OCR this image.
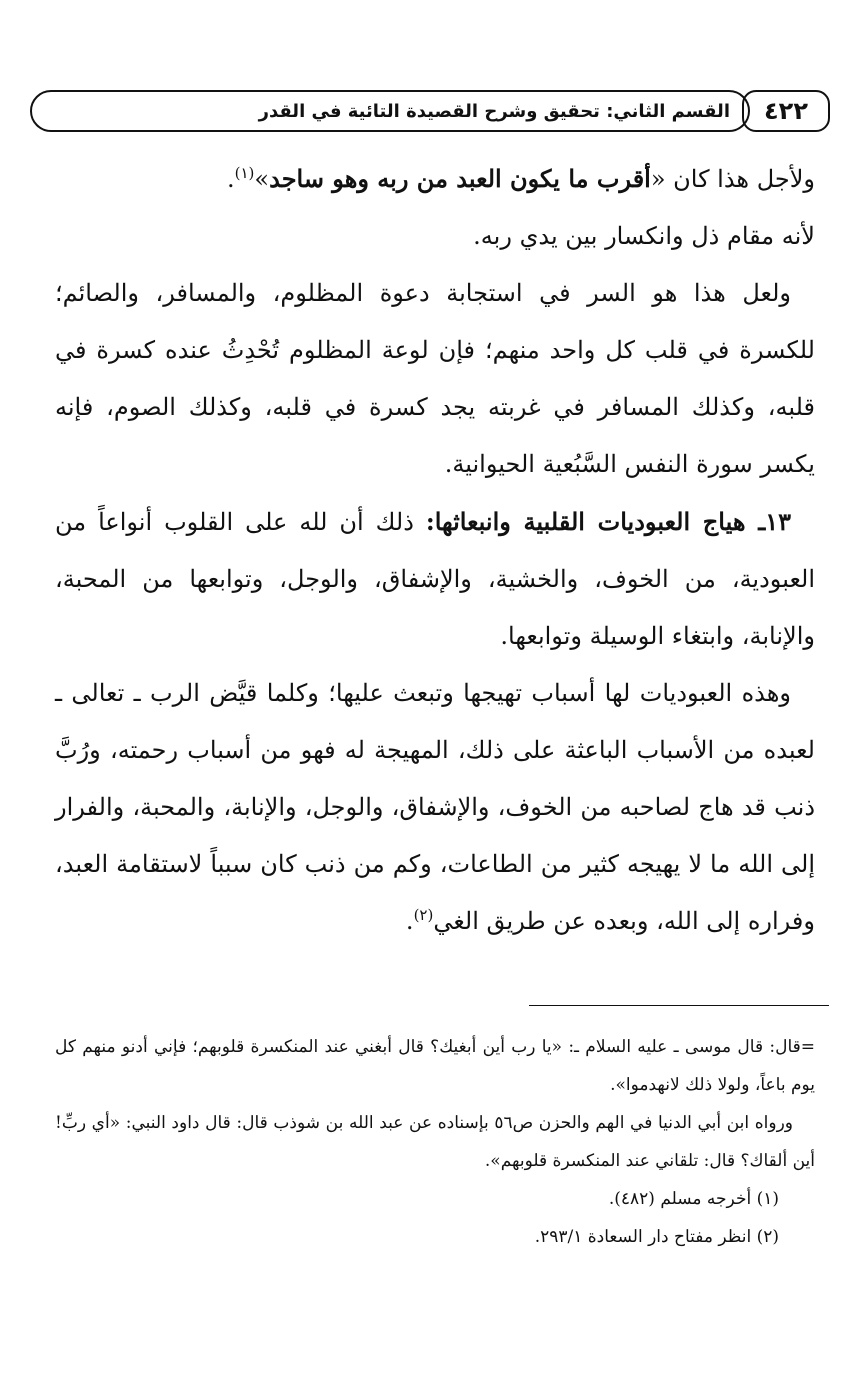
٤٢٢
القسم الثاني: تحقيق وشرح القصيدة التائية في القدر

ولأجل هذا كان «أقرب ما يكون العبد من ربه وهو ساجد»$^{(١)}$.

لأنه مقام ذل وانكسار بين يدي ربه.

ولعل هذا هو السر في استجابة دعوة المظلوم، والمسافر، والصائم؛ للكسرة في قلب كل واحد منهم؛ فإن لوعة المظلوم تُحْدِثُ عنده كسرة في قلبه، وكذلك المسافر في غربته يجد كسرة في قلبه، وكذلك الصوم، فإنه يكسر سورة النفس السَّبُعية الحيوانية.

١٣ـ هياج العبوديات القلبية وانبعاثها: ذلك أن لله على القلوب أنواعاً من العبودية، من الخوف، والخشية، والإشفاق، والوجل، وتوابعها من المحبة، والإنابة، وابتغاء الوسيلة وتوابعها.

وهذه العبوديات لها أسباب تهيجها وتبعث عليها؛ وكلما قيَّض الرب ـ تعالى ـ لعبده من الأسباب الباعثة على ذلك، المهيجة له فهو من أسباب رحمته، ورُبَّ ذنب قد هاج لصاحبه من الخوف، والإشفاق، والوجل، والإنابة، والمحبة، والفرار إلى الله ما لا يهيجه كثير من الطاعات، وكم من ذنب كان سبباً لاستقامة العبد، وفراره إلى الله، وبعده عن طريق الغي$^{(٢)}$.

=قال: قال موسى ـ عليه السلام ـ: «يا رب أين أبغيك؟ قال أبغني عند المنكسرة قلوبهم؛ فإني أدنو منهم كل يوم باعاً، ولولا ذلك لانهدموا».

ورواه ابن أبي الدنيا في الهم والحزن ص٥٦ بإسناده عن عبد الله بن شوذب قال: قال داود النبي: «أي ربِّ! أين ألقاك؟ قال: تلقاني عند المنكسرة قلوبهم».

(١) أخرجه مسلم (٤٨٢).

(٢) انظر مفتاح دار السعادة ٢٩٣/١.
